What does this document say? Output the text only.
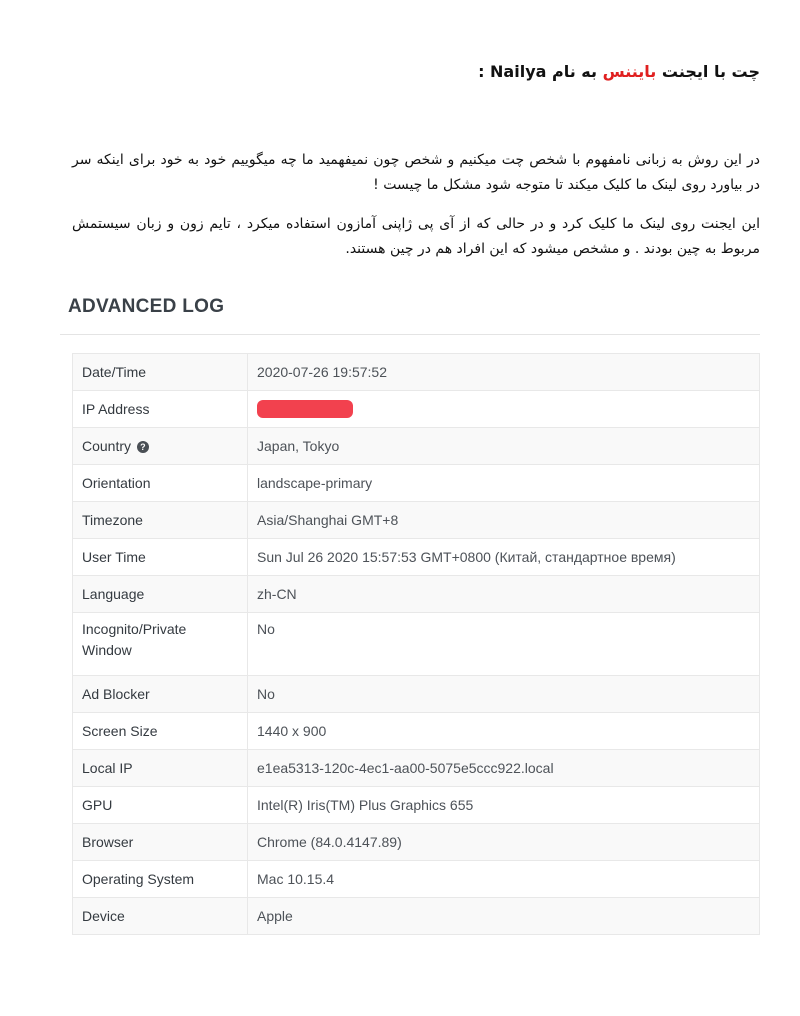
چت با ایجنت بایننس به نام Nailya :

در این روش به زبانی نامفهوم با شخص چت میکنیم و شخص چون نمیفهمید ما چه میگوییم خود به خود برای اینکه سر در بیاورد روی لینک ما کلیک میکند تا متوجه شود مشکل ما چیست !

این ایجنت روی لینک ما کلیک کرد و در حالی که از آی پی ژاپنی آمازون استفاده میکرد ، تایم زون و زبان سیستمش مربوط به چین بودند . و مشخص میشود که این افراد هم در چین هستند.

ADVANCED LOG
Date/Time	2020-07-26 19:57:52
IP Address	
Country ?	Japan, Tokyo
Orientation	landscape-primary
Timezone	Asia/Shanghai GMT+8
User Time	Sun Jul 26 2020 15:57:53 GMT+0800 (Китай, стандартное время)
Language	zh-CN
Incognito/Private Window	No
Ad Blocker	No
Screen Size	1440 x 900
Local IP	e1ea5313-120c-4ec1-aa00-5075e5ccc922.local
GPU	Intel(R) Iris(TM) Plus Graphics 655
Browser	Chrome (84.0.4147.89)
Operating System	Mac 10.15.4
Device	Apple
